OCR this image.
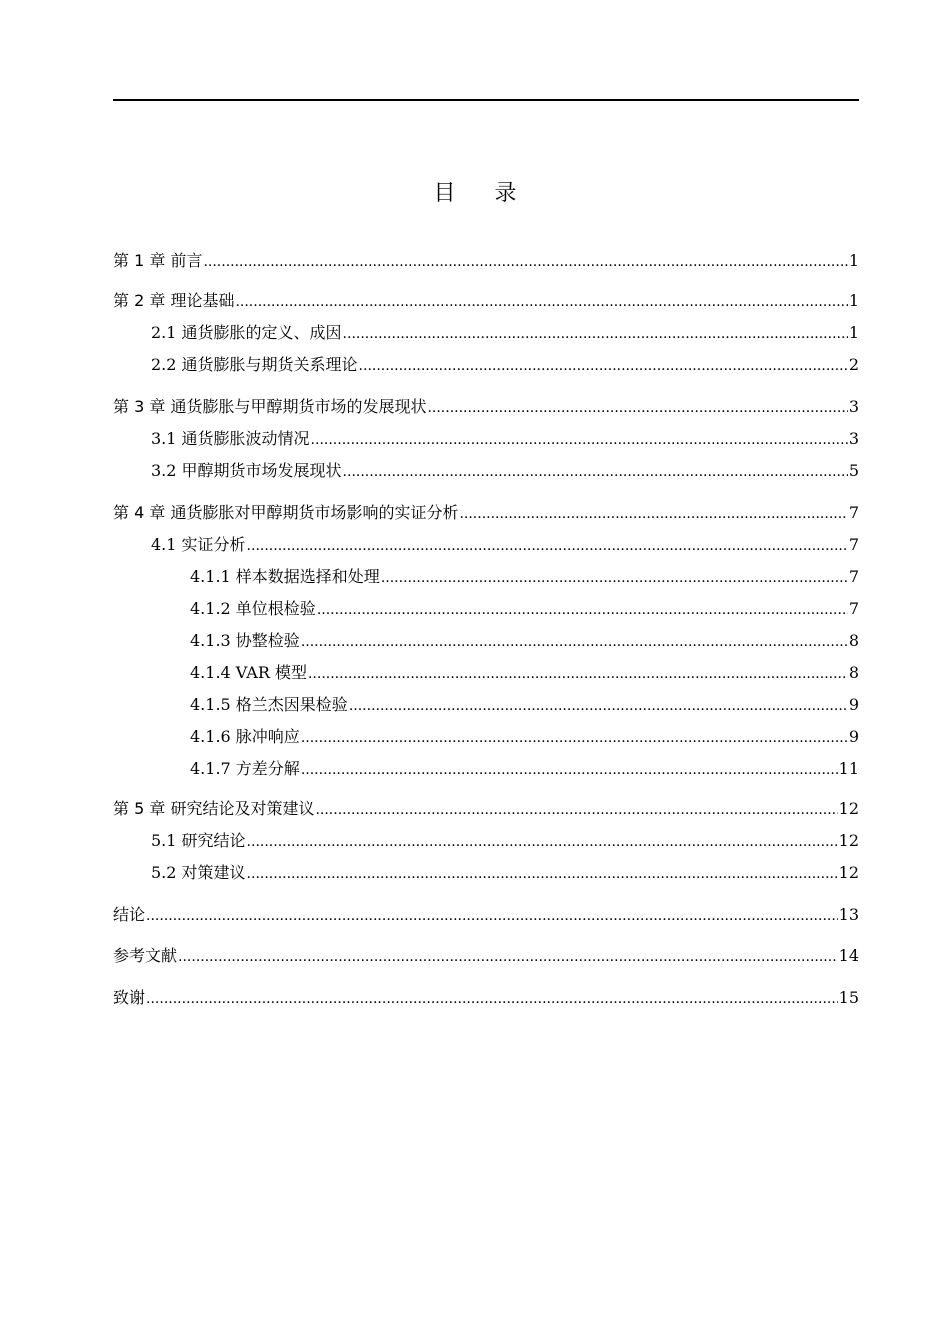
目 录
第 1 章 前言 .....	1
第 2 章 理论基础 .....	1
2.1 通货膨胀的定义、成因 .....	1
2.2 通货膨胀与期货关系理论 .....	2
第 3 章 通货膨胀与甲醇期货市场的发展现状 .....	3
3.1 通货膨胀波动情况 .....	3
3.2 甲醇期货市场发展现状 .....	5
第 4 章 通货膨胀对甲醇期货市场影响的实证分析 .....	7
4.1 实证分析 .....	7
4.1.1 样本数据选择和处理 .....	7
4.1.2 单位根检验 .....	7
4.1.3 协整检验 .....	8
4.1.4 VAR 模型 .....	8
4.1.5 格兰杰因果检验 .....	9
4.1.6 脉冲响应 .....	9
4.1.7 方差分解 .....	11
第 5 章 研究结论及对策建议 .....	12
5.1 研究结论 .....	12
5.2 对策建议 .....	12
结论 .....	13
参考文献 .....	14
致谢 .....	15
